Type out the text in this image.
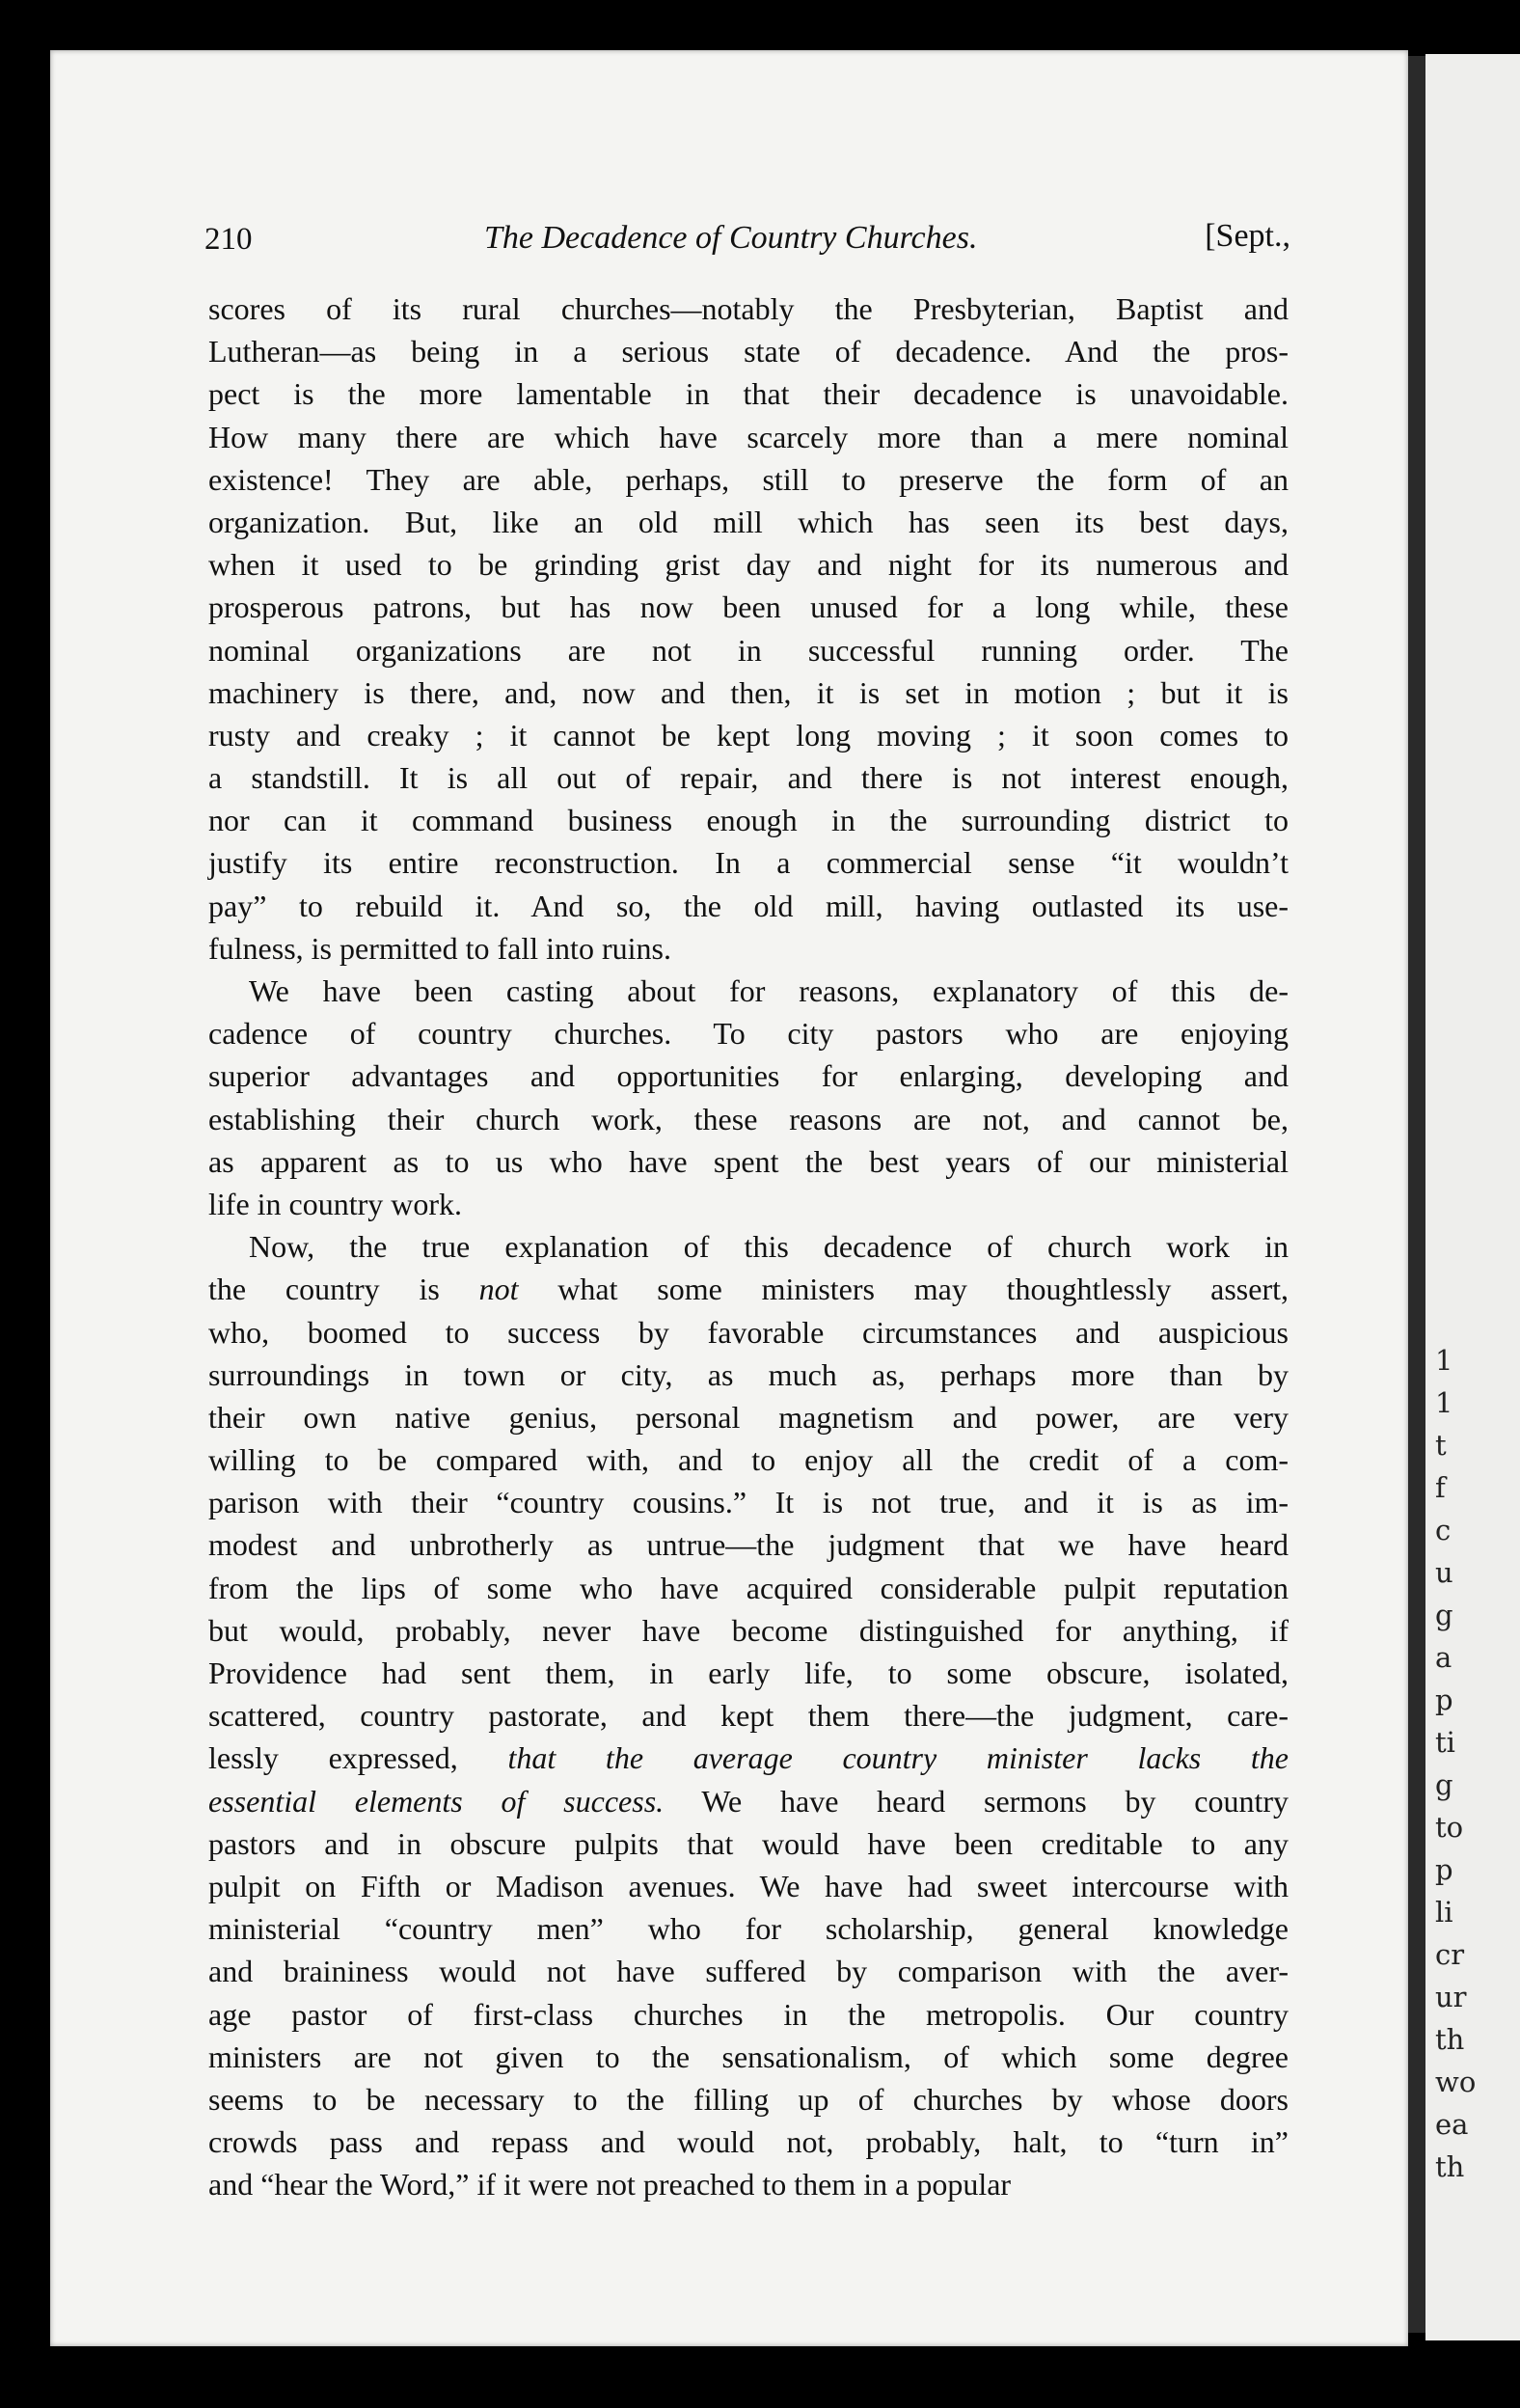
1
1
t
f
c
u
g
a
p
ti
g
to
p
li
cr
ur
th
wo
ea
th
210	The Decadence of Country Churches.	[Sept.,
scores of its rural churches—notably the Presbyterian, Baptist and
Lutheran—as being in a serious state of decadence. And the pros-
pect is the more lamentable in that their decadence is unavoidable.
How many there are which have scarcely more than a mere nominal
existence! They are able, perhaps, still to preserve the form of an
organization. But, like an old mill which has seen its best days,
when it used to be grinding grist day and night for its numerous and
prosperous patrons, but has now been unused for a long while, these
nominal organizations are not in successful running order. The
machinery is there, and, now and then, it is set in motion ; but it is
rusty and creaky ; it cannot be kept long moving ; it soon comes to
a standstill. It is all out of repair, and there is not interest enough,
nor can it command business enough in the surrounding district to
justify its entire reconstruction. In a commercial sense “it wouldn’t
pay” to rebuild it. And so, the old mill, having outlasted its use-
fulness, is permitted to fall into ruins.
We have been casting about for reasons, explanatory of this de-
cadence of country churches. To city pastors who are enjoying
superior advantages and opportunities for enlarging, developing and
establishing their church work, these reasons are not, and cannot be,
as apparent as to us who have spent the best years of our ministerial
life in country work.
Now, the true explanation of this decadence of church work in
the country is not what some ministers may thoughtlessly assert,
who, boomed to success by favorable circumstances and auspicious
surroundings in town or city, as much as, perhaps more than by
their own native genius, personal magnetism and power, are very
willing to be compared with, and to enjoy all the credit of a com-
parison with their “country cousins.” It is not true, and it is as im-
modest and unbrotherly as untrue—the judgment that we have heard
from the lips of some who have acquired considerable pulpit reputation
but would, probably, never have become distinguished for anything, if
Providence had sent them, in early life, to some obscure, isolated,
scattered, country pastorate, and kept them there—the judgment, care-
lessly expressed, that the average country minister lacks the
essential elements of success. We have heard sermons by country
pastors and in obscure pulpits that would have been creditable to any
pulpit on Fifth or Madison avenues. We have had sweet intercourse with
ministerial “country men” who for scholarship, general knowledge
and braininess would not have suffered by comparison with the aver-
age pastor of first-class churches in the metropolis. Our country
ministers are not given to the sensationalism, of which some degree
seems to be necessary to the filling up of churches by whose doors
crowds pass and repass and would not, probably, halt, to “turn in”
and “hear the Word,” if it were not preached to them in a popular
